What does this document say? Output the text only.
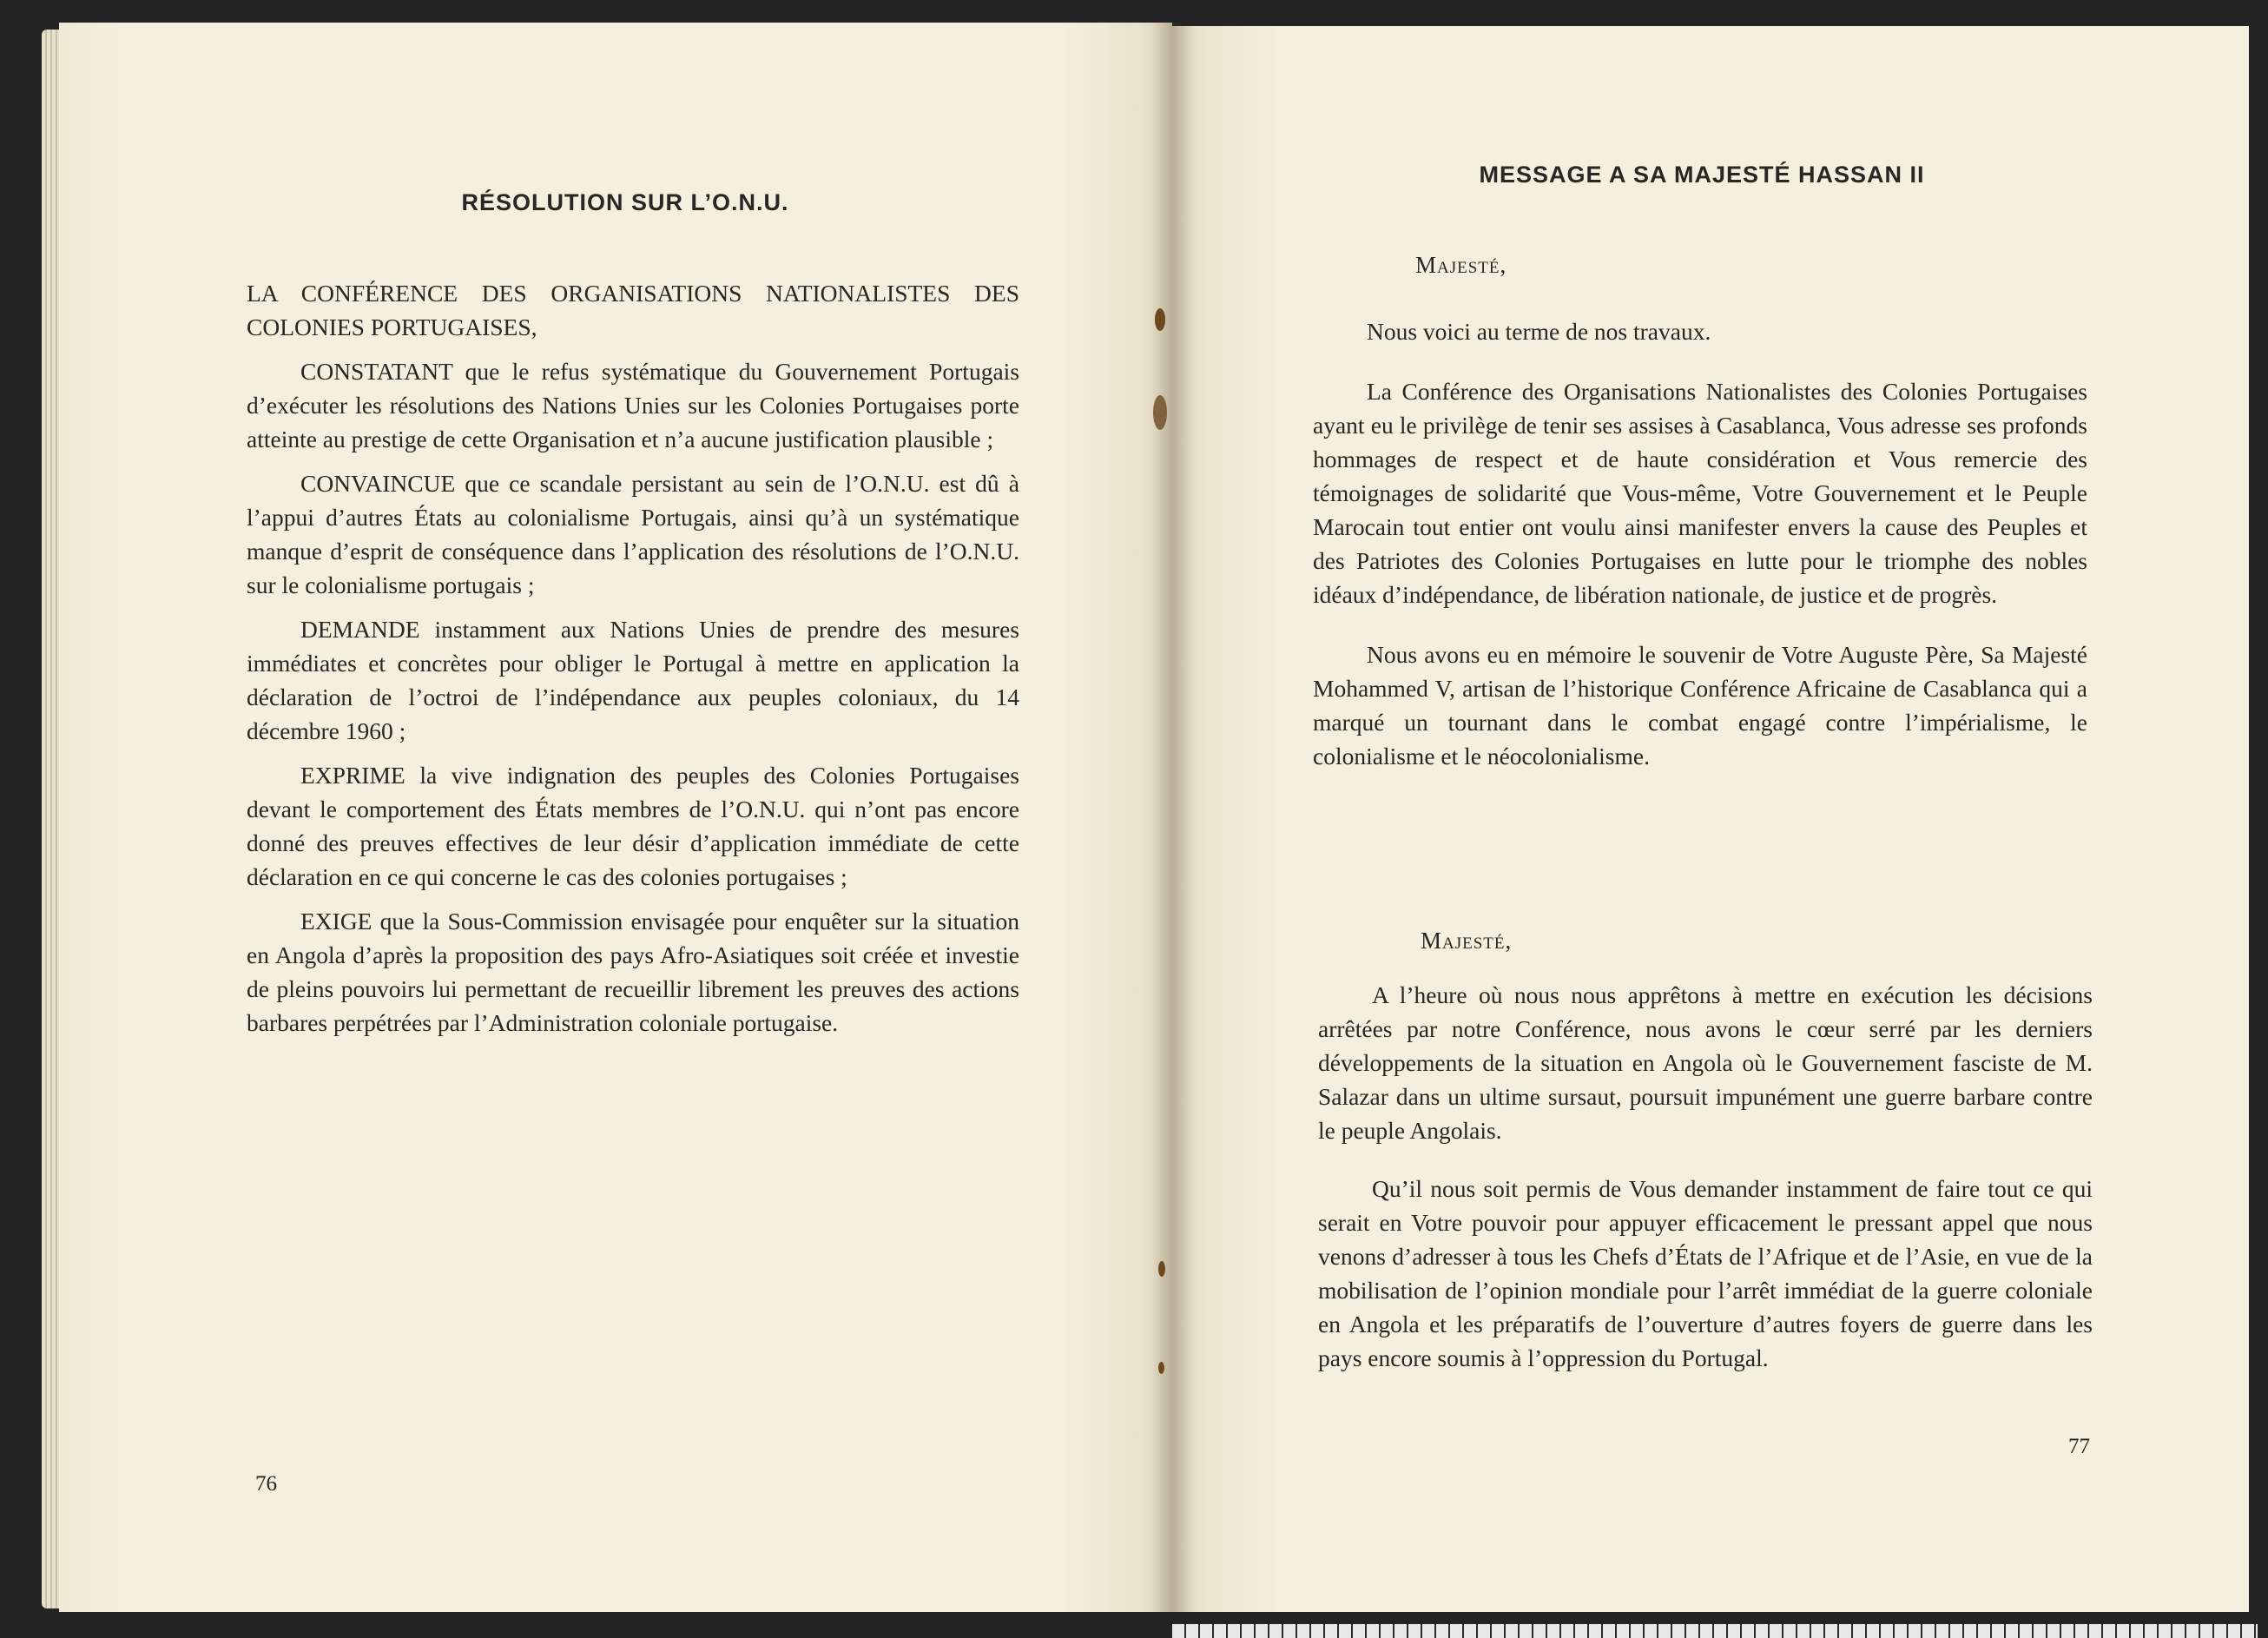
RÉSOLUTION SUR L’O.N.U.

LA CONFÉRENCE DES ORGANISATIONS NATIONALISTES DES COLONIES PORTUGAISES,

CONSTATANT que le refus systématique du Gouvernement Portugais d’exécuter les résolutions des Nations Unies sur les Colonies Portugaises porte atteinte au prestige de cette Organisation et n’a aucune justification plausible ;

CONVAINCUE que ce scandale persistant au sein de l’O.N.U. est dû à l’appui d’autres États au colonialisme Portugais, ainsi qu’à un systématique manque d’esprit de conséquence dans l’application des résolutions de l’O.N.U. sur le colonialisme portugais ;

DEMANDE instamment aux Nations Unies de prendre des mesures immédiates et concrètes pour obliger le Portugal à mettre en application la déclaration de l’octroi de l’indépendance aux peuples coloniaux, du 14 décembre 1960 ;

EXPRIME la vive indignation des peuples des Colonies Portugaises devant le comportement des États membres de l’O.N.U. qui n’ont pas encore donné des preuves effectives de leur désir d’application immédiate de cette déclaration en ce qui concerne le cas des colonies portugaises ;

EXIGE que la Sous-Commission envisagée pour enquêter sur la situation en Angola d’après la proposition des pays Afro-Asiatiques soit créée et investie de pleins pouvoirs lui permettant de recueillir librement les preuves des actions barbares perpétrées par l’Administration coloniale portugaise.

76
MESSAGE A SA MAJESTÉ HASSAN II
Majesté,

Nous voici au terme de nos travaux.

La Conférence des Organisations Nationalistes des Colonies Portugaises ayant eu le privilège de tenir ses assises à Casablanca, Vous adresse ses profonds hommages de respect et de haute considération et Vous remercie des témoignages de solidarité que Vous-même, Votre Gouvernement et le Peuple Marocain tout entier ont voulu ainsi manifester envers la cause des Peuples et des Patriotes des Colonies Portugaises en lutte pour le triomphe des nobles idéaux d’indépendance, de libération nationale, de justice et de progrès.

Nous avons eu en mémoire le souvenir de Votre Auguste Père, Sa Majesté Mohammed V, artisan de l’historique Conférence Africaine de Casablanca qui a marqué un tournant dans le combat engagé contre l’impérialisme, le colonialisme et le néocolonialisme.

Majesté,

A l’heure où nous nous apprêtons à mettre en exécution les décisions arrêtées par notre Conférence, nous avons le cœur serré par les derniers développements de la situation en Angola où le Gouvernement fasciste de M. Salazar dans un ultime sursaut, poursuit impunément une guerre barbare contre le peuple Angolais.

Qu’il nous soit permis de Vous demander instamment de faire tout ce qui serait en Votre pouvoir pour appuyer efficacement le pressant appel que nous venons d’adresser à tous les Chefs d’États de l’Afrique et de l’Asie, en vue de la mobilisation de l’opinion mondiale pour l’arrêt immédiat de la guerre coloniale en Angola et les préparatifs de l’ouverture d’autres foyers de guerre dans les pays encore soumis à l’oppression du Portugal.

77
